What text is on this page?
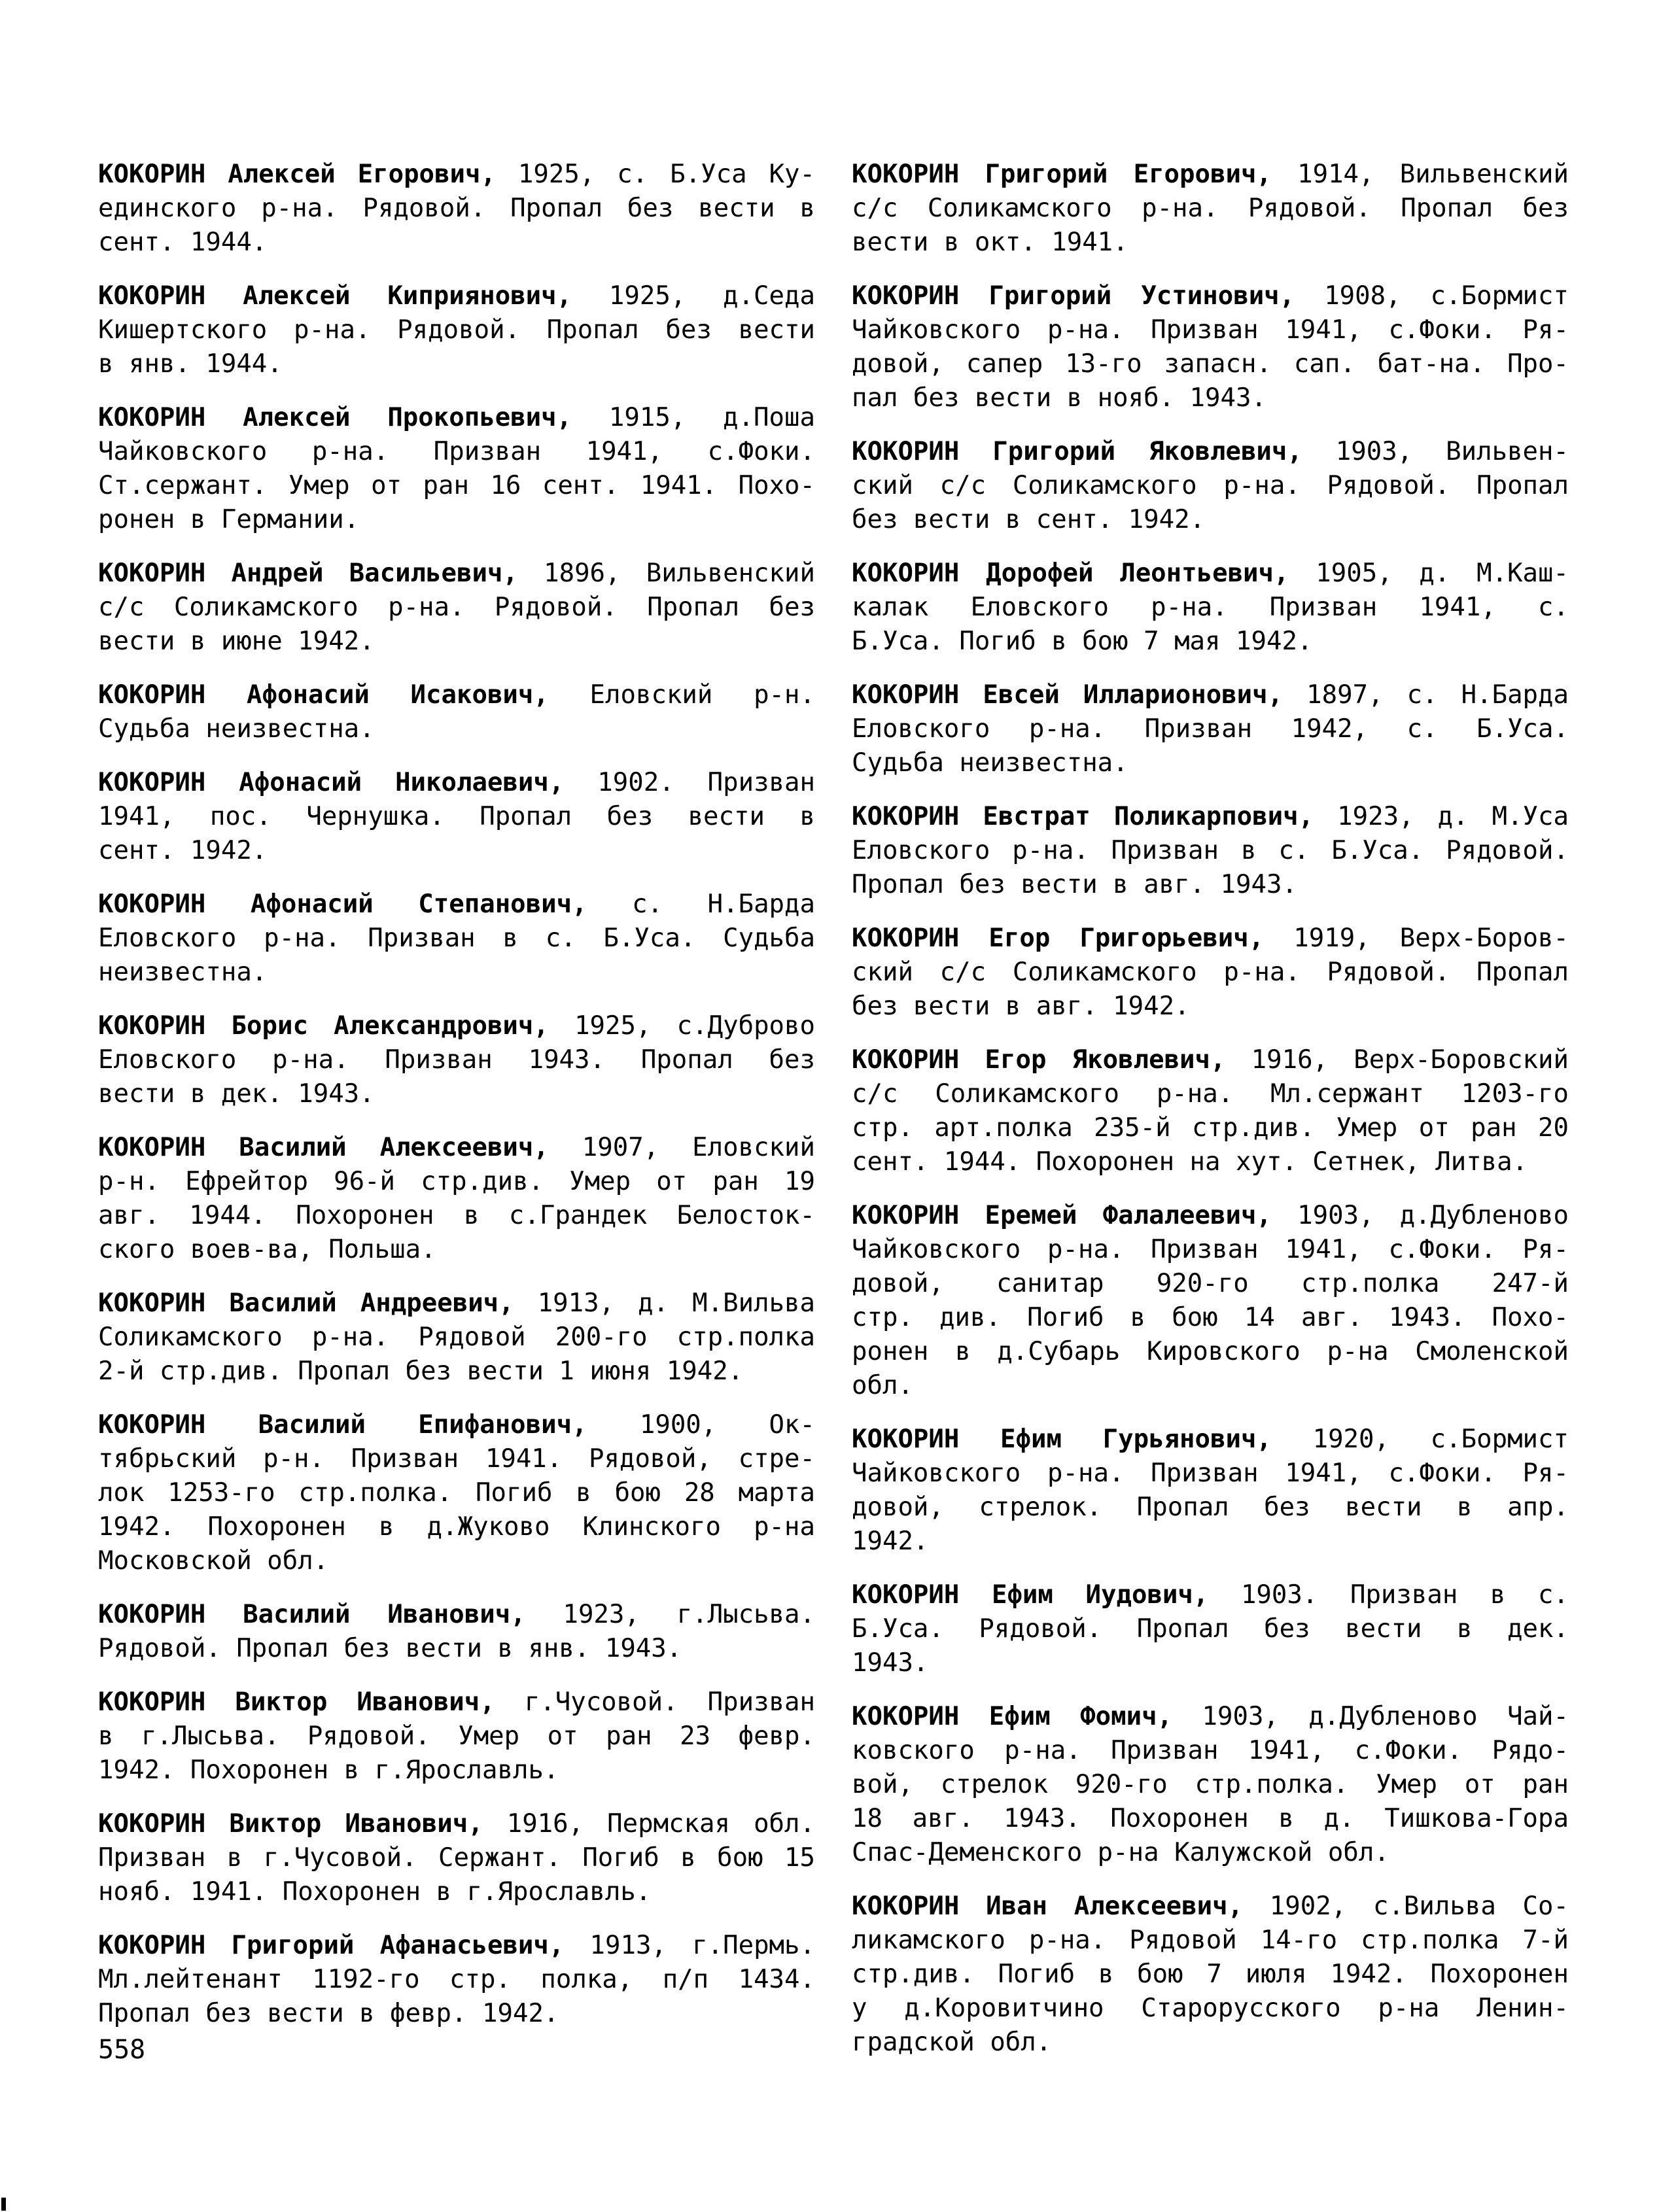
КОКОРИН Алексей Егорович, 1925, с. Б.Уса Ку-
единского р-на. Рядовой. Пропал без вести в
сент. 1944.
КОКОРИН Алексей Киприянович, 1925, д.Седа
Кишертского р-на. Рядовой. Пропал без вести
в янв. 1944.
КОКОРИН Алексей Прокопьевич, 1915, д.Поша
Чайковского р-на. Призван 1941, с.Фоки.
Ст.сержант. Умер от ран 16 сент. 1941. Похо-
ронен в Германии.
КОКОРИН Андрей Васильевич, 1896, Вильвенский
с/с Соликамского р-на. Рядовой. Пропал без
вести в июне 1942.
КОКОРИН Афонасий Исакович, Еловский р-н.
Судьба неизвестна.
КОКОРИН Афонасий Николаевич, 1902. Призван
1941, пос. Чернушка. Пропал без вести в
сент. 1942.
КОКОРИН Афонасий Степанович, с. Н.Барда
Еловского р-на. Призван в с. Б.Уса. Судьба
неизвестна.
КОКОРИН Борис Александрович, 1925, с.Дуброво
Еловского р-на. Призван 1943. Пропал без
вести в дек. 1943.
КОКОРИН Василий Алексеевич, 1907, Еловский
р-н. Ефрейтор 96-й стр.див. Умер от ран 19
авг. 1944. Похоронен в с.Грандек Белосток-
ского воев-ва, Польша.
КОКОРИН Василий Андреевич, 1913, д. М.Вильва
Соликамского р-на. Рядовой 200-го стр.полка
2-й стр.див. Пропал без вести 1 июня 1942.
КОКОРИН Василий Епифанович, 1900, Ок-
тябрьский р-н. Призван 1941. Рядовой, стре-
лок 1253-го стр.полка. Погиб в бою 28 марта
1942. Похоронен в д.Жуково Клинского р-на
Московской обл.
КОКОРИН Василий Иванович, 1923, г.Лысьва.
Рядовой. Пропал без вести в янв. 1943.
КОКОРИН Виктор Иванович, г.Чусовой. Призван
в г.Лысьва. Рядовой. Умер от ран 23 февр.
1942. Похоронен в г.Ярославль.
КОКОРИН Виктор Иванович, 1916, Пермская обл.
Призван в г.Чусовой. Сержант. Погиб в бою 15
нояб. 1941. Похоронен в г.Ярославль.
КОКОРИН Григорий Афанасьевич, 1913, г.Пермь.
Мл.лейтенант 1192-го стр. полка, п/п 1434.
Пропал без вести в февр. 1942.
КОКОРИН Григорий Егорович, 1914, Вильвенский
с/с Соликамского р-на. Рядовой. Пропал без
вести в окт. 1941.
КОКОРИН Григорий Устинович, 1908, с.Бормист
Чайковского р-на. Призван 1941, с.Фоки. Ря-
довой, сапер 13-го запасн. сап. бат-на. Про-
пал без вести в нояб. 1943.
КОКОРИН Григорий Яковлевич, 1903, Вильвен-
ский с/с Соликамского р-на. Рядовой. Пропал
без вести в сент. 1942.
КОКОРИН Дорофей Леонтьевич, 1905, д. М.Каш-
калак Еловского р-на. Призван 1941, с.
Б.Уса. Погиб в бою 7 мая 1942.
КОКОРИН Евсей Илларионович, 1897, с. Н.Барда
Еловского р-на. Призван 1942, с. Б.Уса.
Судьба неизвестна.
КОКОРИН Евстрат Поликарпович, 1923, д. М.Уса
Еловского р-на. Призван в с. Б.Уса. Рядовой.
Пропал без вести в авг. 1943.
КОКОРИН Егор Григорьевич, 1919, Верх-Боров-
ский с/с Соликамского р-на. Рядовой. Пропал
без вести в авг. 1942.
КОКОРИН Егор Яковлевич, 1916, Верх-Боровский
с/с Соликамского р-на. Мл.сержант 1203-го
стр. арт.полка 235-й стр.див. Умер от ран 20
сент. 1944. Похоронен на хут. Сетнек, Литва.
КОКОРИН Еремей Фалалеевич, 1903, д.Дубленово
Чайковского р-на. Призван 1941, с.Фоки. Ря-
довой, санитар 920-го стр.полка 247-й
стр. див. Погиб в бою 14 авг. 1943. Похо-
ронен в д.Субарь Кировского р-на Смоленской
обл.
КОКОРИН Ефим Гурьянович, 1920, с.Бормист
Чайковского р-на. Призван 1941, с.Фоки. Ря-
довой, стрелок. Пропал без вести в апр.
1942.
КОКОРИН Ефим Иудович, 1903. Призван в с.
Б.Уса. Рядовой. Пропал без вести в дек.
1943.
КОКОРИН Ефим Фомич, 1903, д.Дубленово Чай-
ковского р-на. Призван 1941, с.Фоки. Рядо-
вой, стрелок 920-го стр.полка. Умер от ран
18 авг. 1943. Похоронен в д. Тишкова-Гора
Спас-Деменского р-на Калужской обл.
КОКОРИН Иван Алексеевич, 1902, с.Вильва Со-
ликамского р-на. Рядовой 14-го стр.полка 7-й
стр.див. Погиб в бою 7 июля 1942. Похоронен
у д.Коровитчино Старорусского р-на Ленин-
градской обл.
558
